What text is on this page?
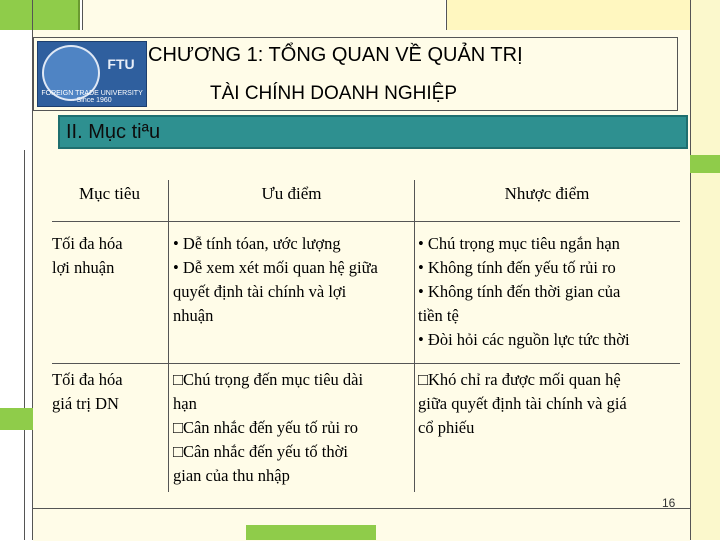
FTU
FOREIGN TRADE UNIVERSITY · Since 1960
CHƯƠNG 1: TỔNG QUAN VỀ QUẢN TRỊ
TÀI CHÍNH DOANH NGHIỆP
II. Mục tiªu
Mục tiêu	Ưu điểm	Nhược điểm
Tối đa hóa
lợi nhuận
• Dễ tính tóan, ước lượng
• Dễ xem xét mối quan hệ giữa
quyết định tài chính và lợi
nhuận
• Chú trọng mục tiêu ngắn hạn
• Không tính đến yếu tố rủi ro
• Không tính đến thời gian của
tiền tệ
• Đòi hỏi các nguồn lực tức thời
Tối đa hóa
giá trị DN
□Chú trọng đến mục tiêu dài
hạn
□Cân nhắc đến yếu tố rủi ro
□Cân nhắc đến yếu tố thời
gian của thu nhập
□Khó chỉ ra được mối quan hệ
giữa quyết định tài chính và giá
cổ phiếu
16
